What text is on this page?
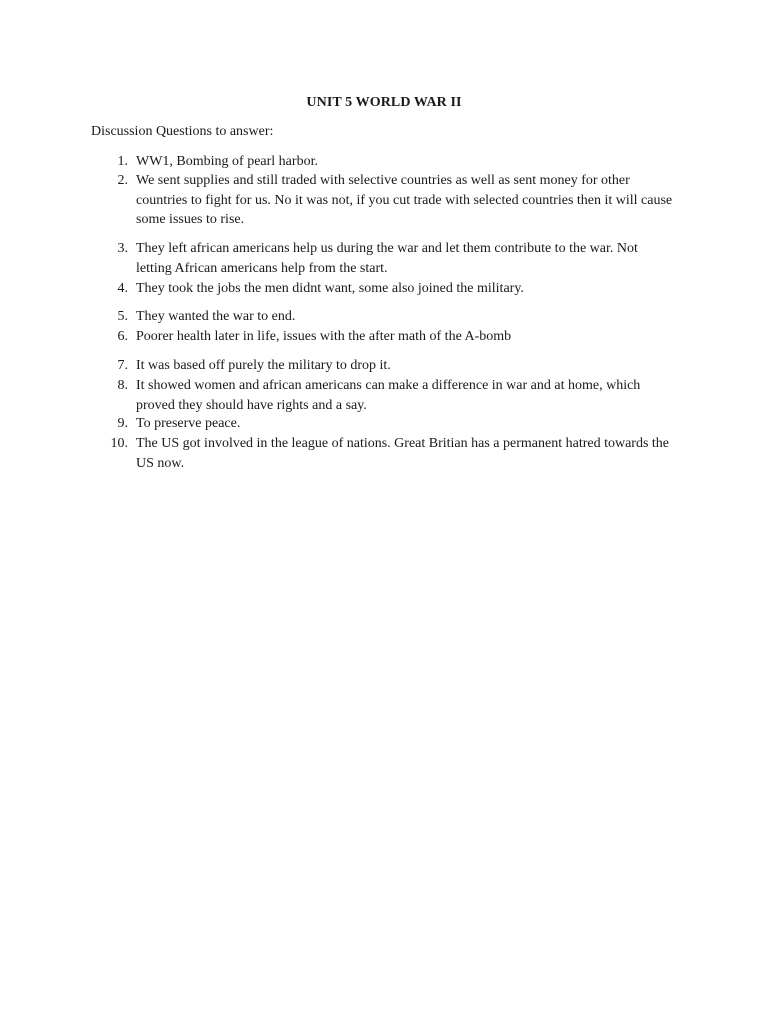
UNIT 5 WORLD WAR II
Discussion Questions to answer:
1. WW1, Bombing of pearl harbor.
2. We sent supplies and still traded with selective countries as well as sent money for other countries to fight for us. No it was not, if you cut trade with selected countries then it will cause some issues to rise.
3. They left african americans help us during the war and let them contribute to the war. Not letting African americans help from the start.
4. They took the jobs the men didnt want, some also joined the military.
5. They wanted the war to end.
6. Poorer health later in life, issues with the after math of the A-bomb
7. It was based off purely the military to drop it.
8. It showed women and african americans can make a difference in war and at home, which proved they should have rights and a say.
9. To preserve peace.
10. The US got involved in the league of nations. Great Britian has a permanent hatred towards the US now.
